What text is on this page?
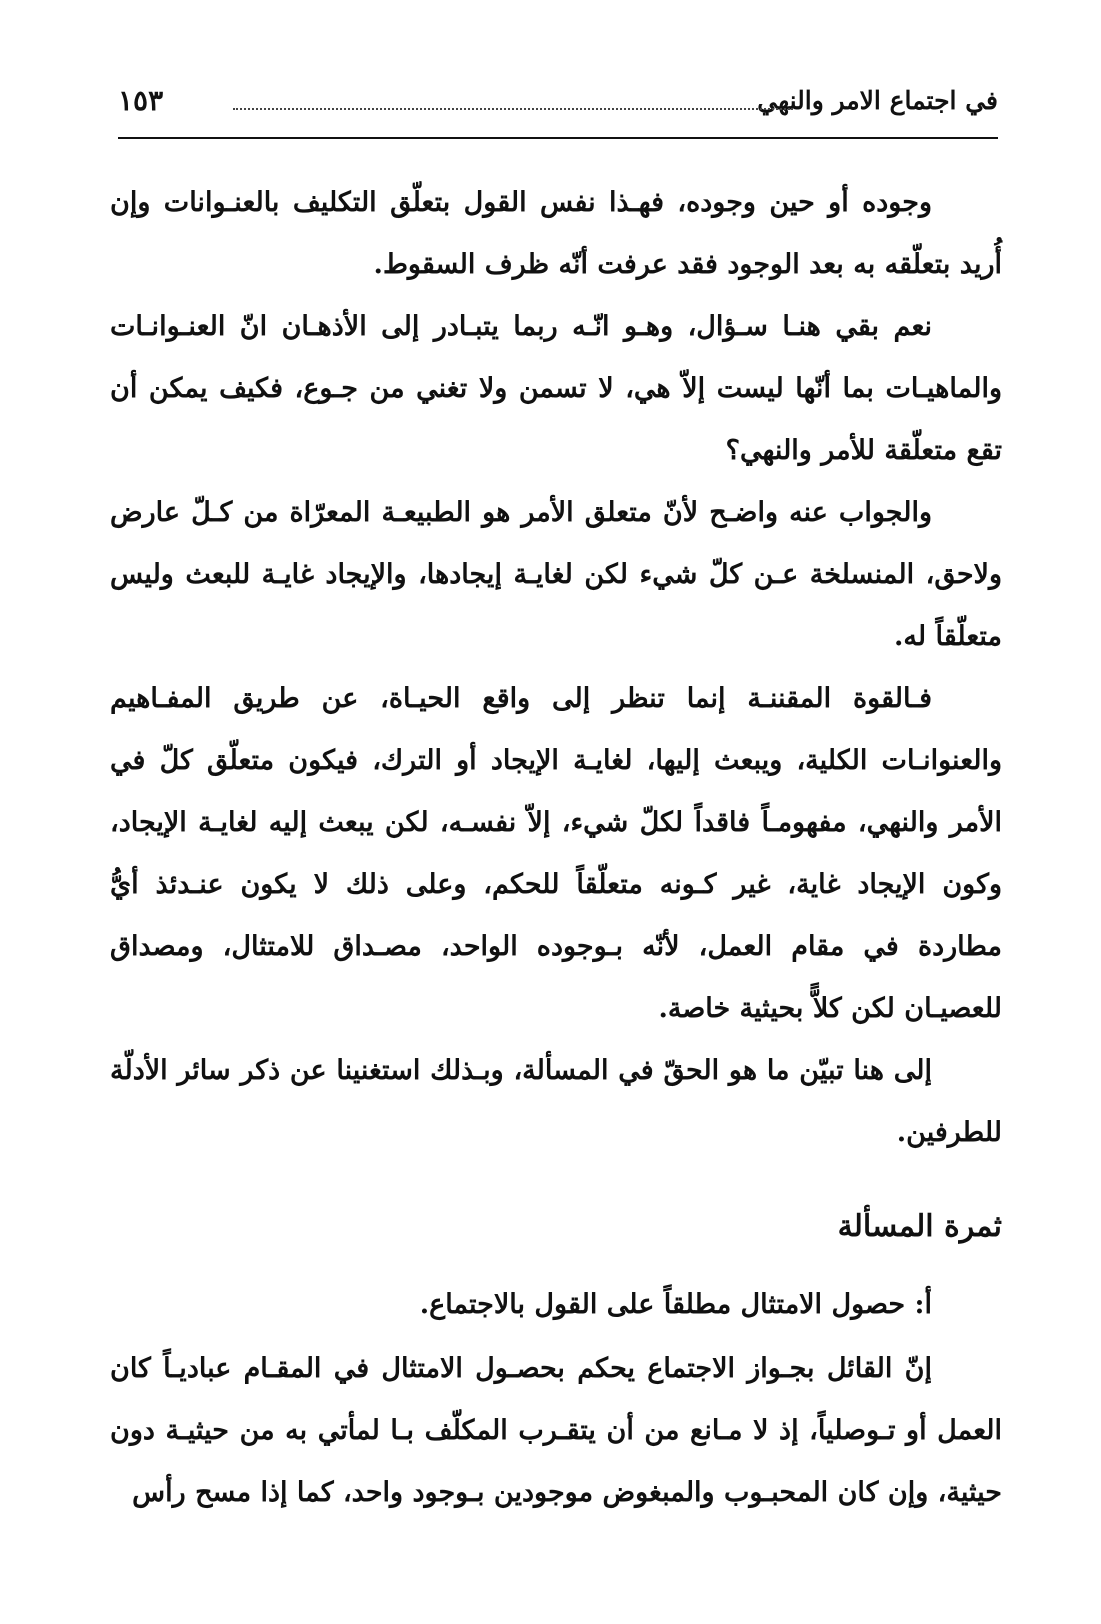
في اجتماع الامر والنهي
١٥٣

وجوده أو حين وجوده، فهـذا نفس القول بتعلّق التكليف بالعنـوانات وإن أُريد بتعلّقه به بعد الوجود فقد عرفت أنّه ظرف السقوط.

نعم بقي هنـا سـؤال، وهـو انّـه ربما يتبـادر إلى الأذهـان انّ العنـوانـات والماهيـات بما أنّها ليست إلاّ هي، لا تسمن ولا تغني من جـوع، فكيف يمكن أن تقع متعلّقة للأمر والنهي؟

والجواب عنه واضـح لأنّ متعلق الأمر هو الطبيعـة المعرّاة من كـلّ عارض ولاحق، المنسلخة عـن كلّ شيء لكن لغايـة إيجادها، والإيجاد غايـة للبعث وليس متعلّقاً له.

فـالقوة المقننـة إنما تنظر إلى واقع الحيـاة، عن طريق المفـاهيم والعنوانـات الكلية، ويبعث إليها، لغايـة الإيجاد أو الترك، فيكون متعلّق كلّ في الأمر والنهي، مفهومـاً فاقداً لكلّ شيء، إلاّ نفسـه، لكن يبعث إليه لغايـة الإيجاد، وكون الإيجاد غاية، غير كـونه متعلّقاً للحكم، وعلى ذلك لا يكون عنـدئذ أيُّ مطاردة في مقام العمل، لأنّه بـوجوده الواحد، مصـداق للامتثال، ومصداق للعصيـان لكن كلاًّ بحيثية خاصة.

إلى هنا تبيّن ما هو الحقّ في المسألة، وبـذلك استغنينا عن ذكر سائر الأدلّة للطرفين.

ثمرة المسألة
أ: حصول الامتثال مطلقاً على القول بالاجتماع.

إنّ القائل بجـواز الاجتماع يحكم بحصـول الامتثال في المقـام عباديـاً كان العمل أو تـوصلياً، إذ لا مـانع من أن يتقـرب المكلّف بـا لمأتي به من حيثيـة دون حيثية، وإن كان المحبـوب والمبغوض موجودين بـوجود واحد، كما إذا مسح رأس
